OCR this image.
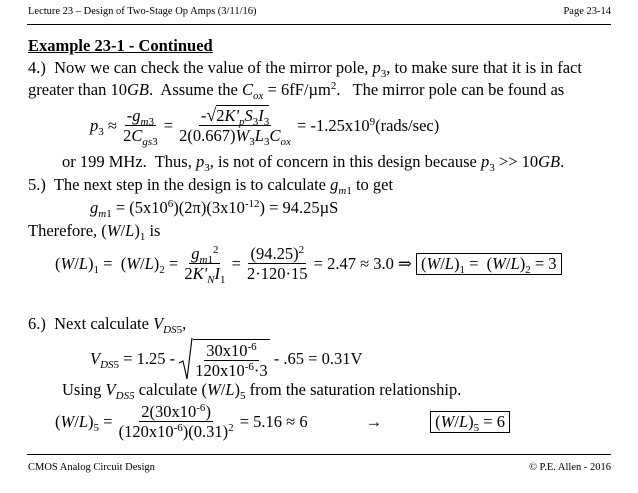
Lecture 23 – Design of Two-Stage Op Amps (3/11/16)	Page 23-14
Example 23-1 - Continued
4.)  Now we can check the value of the mirror pole, $p_3$, to make sure that it is in fact
greater than 10GB.  Assume the $C_{ox} = 6fF/\mu m^2$.   The mirror pole can be found as
$p_3 \approx \frac{-g_{m3}}{2C_{gs3}} = \frac{-√2K'_pS_3I_3}{2(0.667)W_3L_3C_{ox}}$ = $-1.25x10^9(rads/\sec)$
or 199 MHz.  Thus, $p_3$, is not of concern in this design because $p_3 >> 10GB$.
5.)  The next step in the design is to calculate $g_{m1}$ to get
$g_{m1} = (5x10^6)(2\pi)(3x10^{-12}) = 94.25\mu S$
Therefore, $(W/L)_1$ is
$(W/L)_1 = (W/L)_2 = \frac{g_{m1}^2}{2K'_NI_1} = \frac{(94.25)^2}{2\cdot 120\cdot 15} = 2.47 \approx 3.0$ ⇒ $(W/L)_1 = (W/L)_2 = 3$
6.)  Next calculate $V_{DS5}$,
$V_{DS5} = 1.25 - \frac{30x10^{-6}}{120x10^{-6}\cdot 3} - .65 = 0.31V$
Using $V_{DS5}$ calculate $(W/L)_5$ from the saturation relationship.
$(W/L)_5 = \frac{2(30x10^{-6})}{(120x10^{-6})(0.31)^2} = 5.16 \approx 6$	→	$(W/L)_5 = 6$
CMOS Analog Circuit Design	© P.E. Allen - 2016
